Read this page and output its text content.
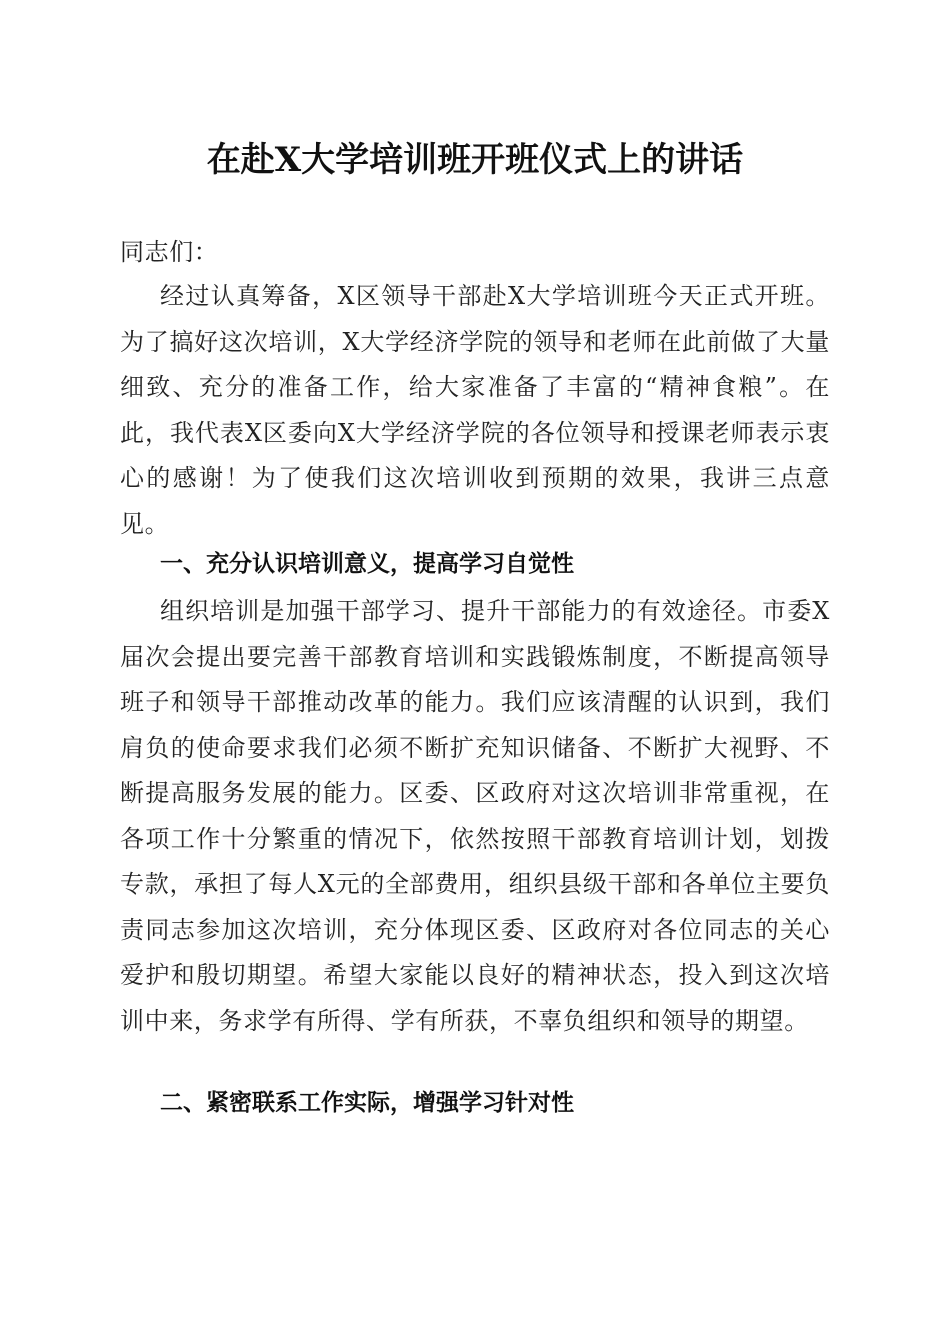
在赴X大学培训班开班仪式上的讲话

同志们：

经过认真筹备，X区领导干部赴X大学培训班今天正式开班。为了搞好这次培训，X大学经济学院的领导和老师在此前做了大量细致、充分的准备工作，给大家准备了丰富的“精神食粮”。在此，我代表X区委向X大学经济学院的各位领导和授课老师表示衷心的感谢！为了使我们这次培训收到预期的效果，我讲三点意见。

一、充分认识培训意义，提高学习自觉性

组织培训是加强干部学习、提升干部能力的有效途径。市委X届次会提出要完善干部教育培训和实践锻炼制度，不断提高领导班子和领导干部推动改革的能力。我们应该清醒的认识到，我们肩负的使命要求我们必须不断扩充知识储备、不断扩大视野、不断提高服务发展的能力。区委、区政府对这次培训非常重视，在各项工作十分繁重的情况下，依然按照干部教育培训计划，划拨专款，承担了每人X元的全部费用，组织县级干部和各单位主要负责同志参加这次培训，充分体现区委、区政府对各位同志的关心爱护和殷切期望。希望大家能以良好的精神状态，投入到这次培训中来，务求学有所得、学有所获，不辜负组织和领导的期望。

二、紧密联系工作实际，增强学习针对性
